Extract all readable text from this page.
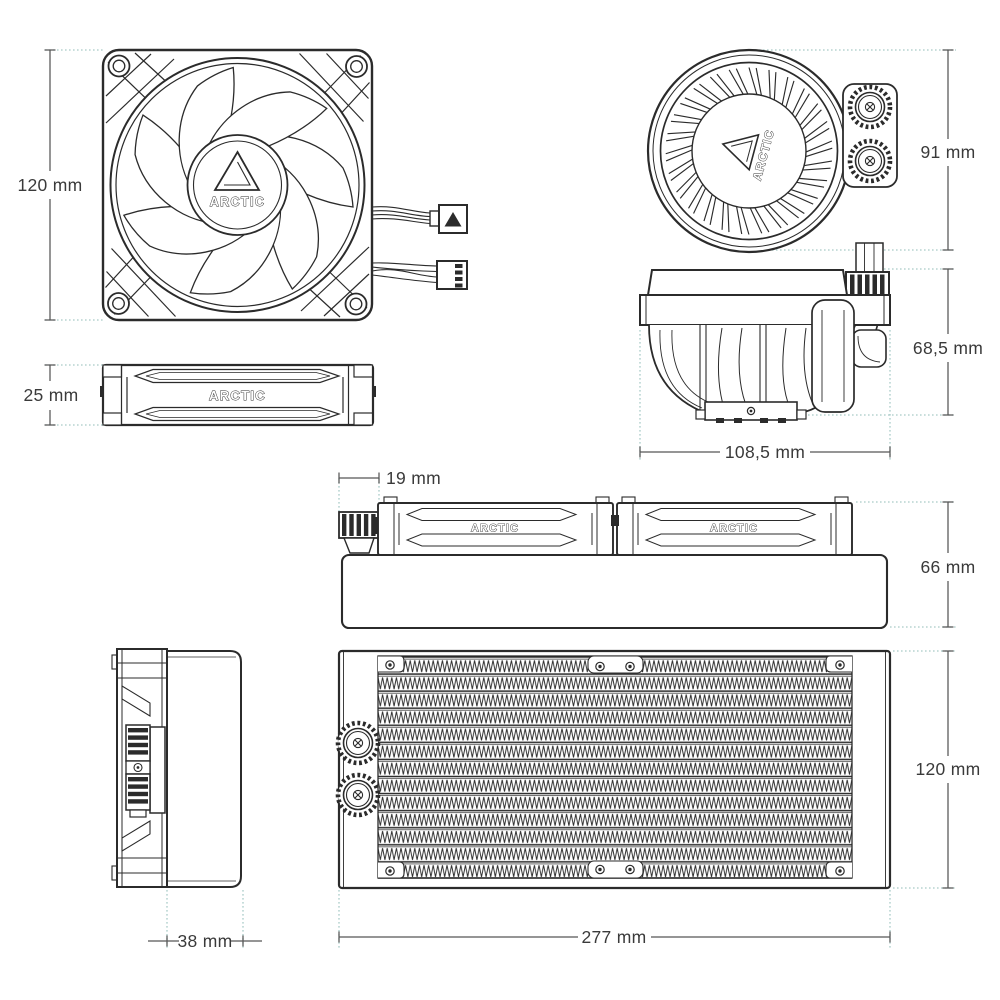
ARCTIC
ARCTIC
ARCTIC
ARCTIC	ARCTIC
120 mm
91 mm
25 mm
68,5 mm
108,5 mm
19 mm
66 mm
120 mm
38 mm	277 mm
